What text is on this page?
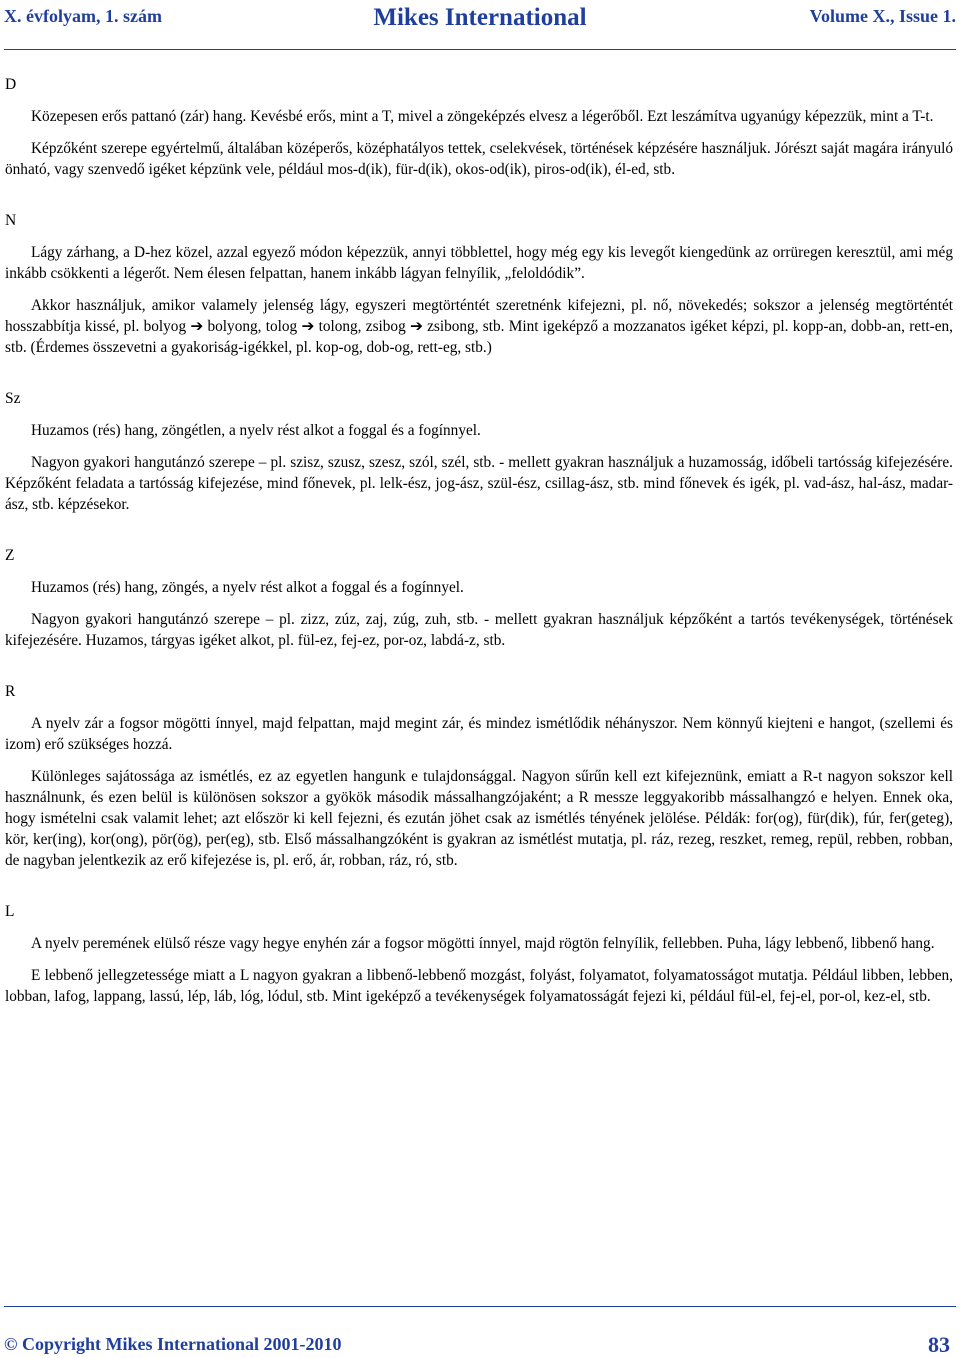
X. évfolyam, 1. szám	Mikes International	Volume X., Issue 1.

D

Közepesen erős pattanó (zár) hang. Kevésbé erős, mint a T, mivel a zöngeképzés elvesz a légerőből. Ezt leszámítva ugyanúgy képezzük, mint a T-t.

Képzőként szerepe egyértelmű, általában középerős, középhatályos tettek, cselekvések, történések képzésére használjuk. Jórészt saját magára irányuló önható, vagy szenvedő igéket képzünk vele, például mos-d(ik), für-d(ik), okos-od(ik), piros-od(ik), él-ed, stb.

N

Lágy zárhang, a D-hez közel, azzal egyező módon képezzük, annyi többlettel, hogy még egy kis levegőt kiengedünk az orrüregen keresztül, ami még inkább csökkenti a légerőt. Nem élesen felpattan, hanem inkább lágyan felnyílik, „feloldódik”.

Akkor használjuk, amikor valamely jelenség lágy, egyszeri megtörténtét szeretnénk kifejezni, pl. nő, növekedés; sokszor a jelenség megtörténtét hosszabbítja kissé, pl. bolyog ➔ bolyong, tolog ➔ tolong, zsibog ➔ zsibong, stb. Mint igeképző a mozzanatos igéket képzi, pl. kopp-an, dobb-an, rett-en, stb. (Érdemes összevetni a gyakoriság-igékkel, pl. kop-og, dob-og, rett-eg, stb.)

Sz

Huzamos (rés) hang, zöngétlen, a nyelv rést alkot a foggal és a fogínnyel.

Nagyon gyakori hangutánzó szerepe – pl. szisz, szusz, szesz, szól, szél, stb. - mellett gyakran használjuk a huzamosság, időbeli tartósság kifejezésére. Képzőként feladata a tartósság kifejezése, mind főnevek, pl. lelk-ész, jog-ász, szül-ész, csillag-ász, stb. mind főnevek és igék, pl. vad-ász, hal-ász, madar-ász, stb. képzésekor.

Z

Huzamos (rés) hang, zöngés, a nyelv rést alkot a foggal és a fogínnyel.

Nagyon gyakori hangutánzó szerepe – pl. zizz, zúz, zaj, zúg, zuh, stb. - mellett gyakran használjuk képzőként a tartós tevékenységek, történések kifejezésére. Huzamos, tárgyas igéket alkot, pl. fül-ez, fej-ez, por-oz, labdá-z, stb.

R

A nyelv zár a fogsor mögötti ínnyel, majd felpattan, majd megint zár, és mindez ismétlődik néhányszor. Nem könnyű kiejteni e hangot, (szellemi és izom) erő szükséges hozzá.

Különleges sajátossága az ismétlés, ez az egyetlen hangunk e tulajdonsággal. Nagyon sűrűn kell ezt kifejeznünk, emiatt a R-t nagyon sokszor kell használnunk, és ezen belül is különösen sokszor a gyökök második mássalhangzójaként; a R messze leggyakoribb mássalhangzó e helyen. Ennek oka, hogy ismételni csak valamit lehet; azt először ki kell fejezni, és ezután jöhet csak az ismétlés tényének jelölése. Példák: for(og), für(dik), fúr, fer(geteg), kör, ker(ing), kor(ong), pör(ög), per(eg), stb. Első mássalhangzóként is gyakran az ismétlést mutatja, pl. ráz, rezeg, reszket, remeg, repül, rebben, robban, de nagyban jelentkezik az erő kifejezése is, pl. erő, ár, robban, ráz, ró, stb.

L

A nyelv peremének elülső része vagy hegye enyhén zár a fogsor mögötti ínnyel, majd rögtön felnyílik, fellebben. Puha, lágy lebbenő, libbenő hang.

E lebbenő jellegzetessége miatt a L nagyon gyakran a libbenő-lebbenő mozgást, folyást, folyamatot, folyamatosságot mutatja. Például libben, lebben, lobban, lafog, lappang, lassú, lép, láb, lóg, lódul, stb. Mint igeképző a tevékenységek folyamatosságát fejezi ki, például fül-el, fej-el, por-ol, kez-el, stb.

© Copyright Mikes International 2001-2010	83
